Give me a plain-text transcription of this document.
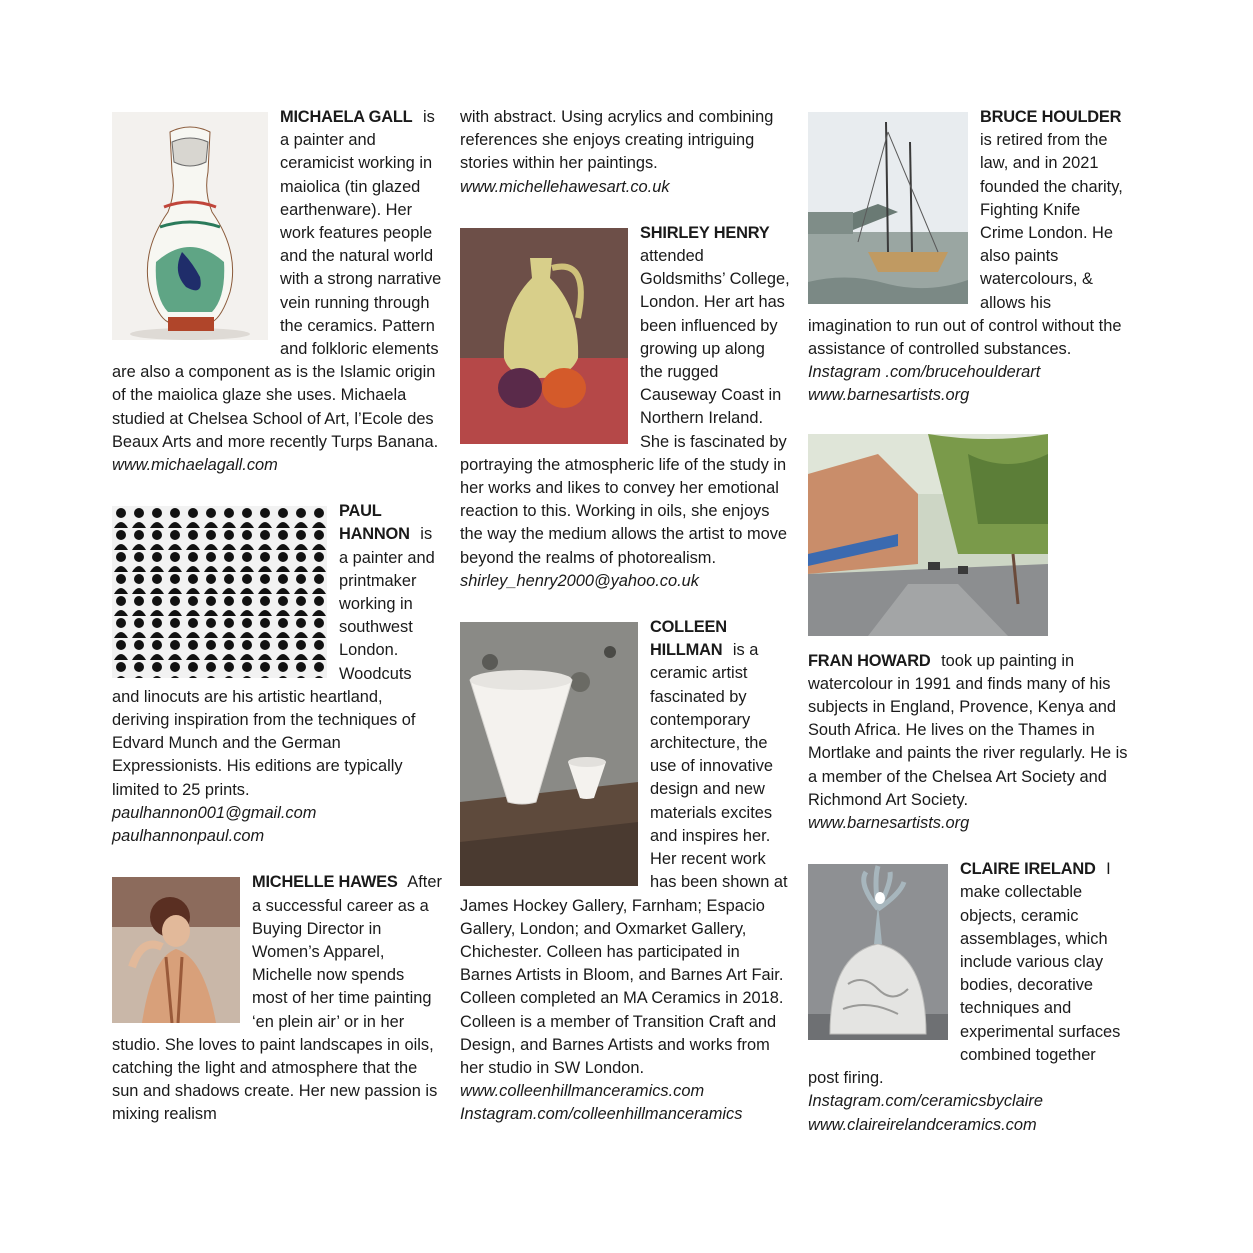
MICHAELA GALL is a painter and ceramicist working in maiolica (tin glazed earthenware). Her work features people and the natural world with a strong narrative vein running through the ceramics. Pattern and folkloric elements are also a component as is the Islamic origin of the maiolica glaze she uses. Michaela studied at Chelsea School of Art, l’Ecole des Beaux Arts and more recently Turps Banana.

www.michaelagall.com

PAUL HANNON is a painter and printmaker working in southwest London. Woodcuts and linocuts are his artistic heartland, deriving inspiration from the techniques of Edvard Munch and the German Expressionists. His editions are typically limited to 25 prints.

paulhannon001@gmail.com
paulhannonpaul.com

MICHELLE HAWES After a successful career as a Buying Director in Women’s Apparel, Michelle now spends most of her time painting ‘en plein air’ or in her studio. She loves to paint landscapes in oils, catching the light and atmosphere that the sun and shadows create. Her new passion is mixing realism

with abstract. Using acrylics and combining references she enjoys creating intriguing stories within her paintings.

www.michellehawesart.co.uk

SHIRLEY HENRY attended Goldsmiths’ College, London. Her art has been influenced by growing up along the rugged Causeway Coast in Northern Ireland. She is fascinated by portraying the atmospheric life of the study in her works and likes to convey her emotional reaction to this. Working in oils, she enjoys the way the medium allows the artist to move beyond the realms of photorealism.

shirley_henry2000@yahoo.co.uk

COLLEEN HILLMAN is a ceramic artist fascinated by contemporary architecture, the use of innovative design and new materials excites and inspires her. Her recent work has been shown at James Hockey Gallery, Farnham; Espacio Gallery, London; and Oxmarket Gallery, Chichester. Colleen has participated in Barnes Artists in Bloom, and Barnes Art Fair. Colleen completed an MA Ceramics in 2018. Colleen is a member of Transition Craft and Design, and Barnes Artists and works from her studio in SW London.

www.colleenhillmanceramics.com
Instagram.com/colleenhillmanceramics

BRUCE HOULDER is retired from the law, and in 2021 founded the charity, Fighting Knife Crime London. He also paints watercolours, & allows his imagination to run out of control without the assistance of controlled substances.

Instagram .com/brucehoulderart
www.barnesartists.org

FRAN HOWARD took up painting in watercolour in 1991 and finds many of his subjects in England, Provence, Kenya and South Africa. He lives on the Thames in Mortlake and paints the river regularly. He is a member of the Chelsea Art Society and Richmond Art Society.

www.barnesartists.org

CLAIRE IRELAND I make collectable objects, ceramic assemblages, which include various clay bodies, decorative techniques and experimental surfaces combined together post firing.

Instagram.com/ceramicsbyclaire
www.claireirelandceramics.com
